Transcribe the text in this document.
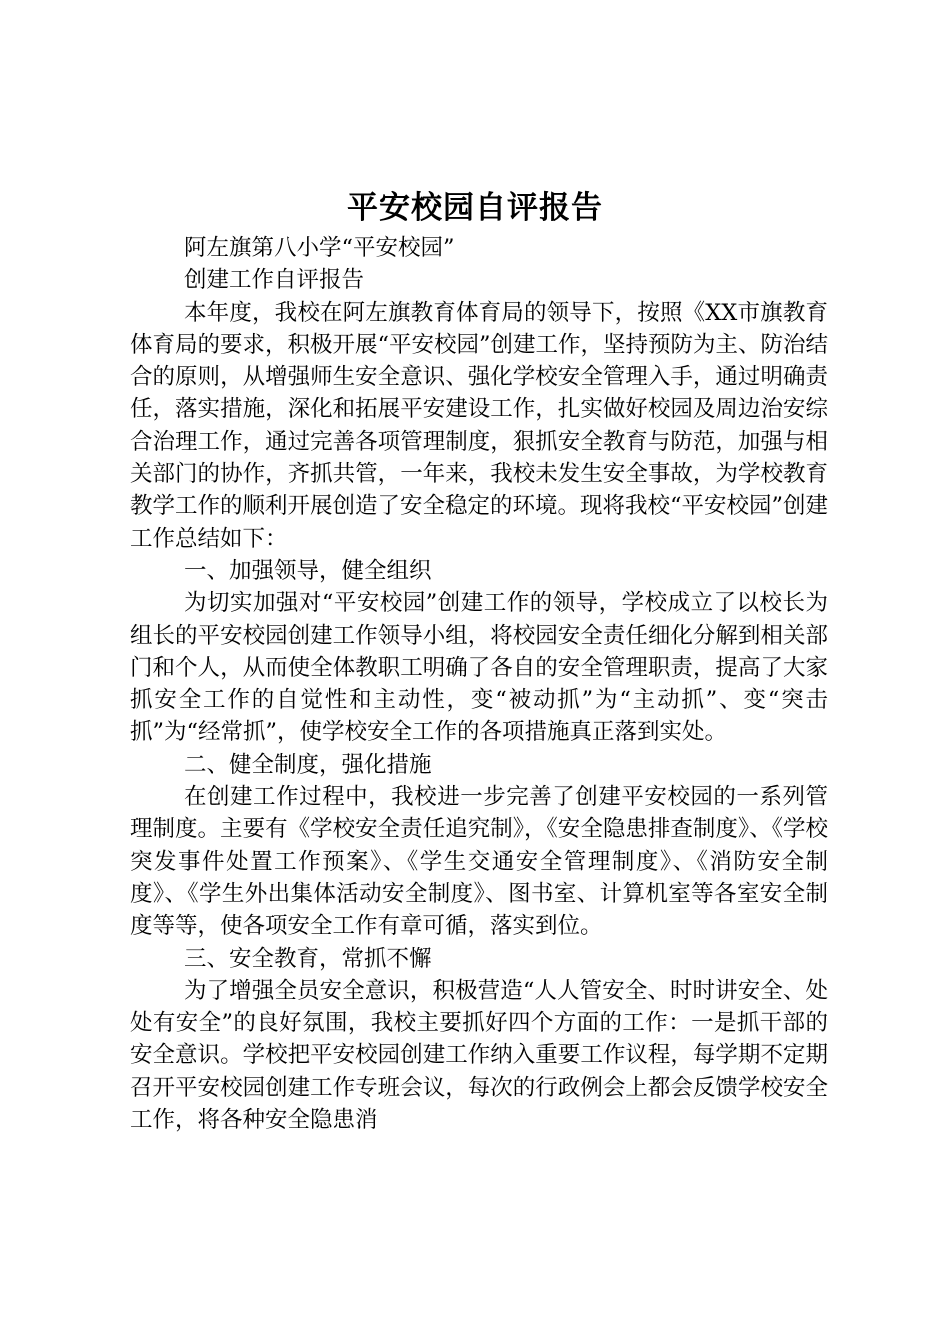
平安校园自评报告

阿左旗第八小学“平安校园”

创建工作自评报告

本年度，我校在阿左旗教育体育局的领导下，按照《XX市旗教育体育局的要求，积极开展“平安校园”创建工作，坚持预防为主、防治结合的原则，从增强师生安全意识、强化学校安全管理入手，通过明确责任，落实措施，深化和拓展平安建设工作，扎实做好校园及周边治安综合治理工作，通过完善各项管理制度，狠抓安全教育与防范，加强与相关部门的协作，齐抓共管，一年来，我校未发生安全事故，为学校教育教学工作的顺利开展创造了安全稳定的环境。现将我校“平安校园”创建工作总结如下：

一、加强领导，健全组织

为切实加强对“平安校园”创建工作的领导，学校成立了以校长为组长的平安校园创建工作领导小组，将校园安全责任细化分解到相关部门和个人，从而使全体教职工明确了各自的安全管理职责，提高了大家抓安全工作的自觉性和主动性，变“被动抓”为“主动抓”、变“突击抓”为“经常抓”，使学校安全工作的各项措施真正落到实处。

二、健全制度，强化措施

在创建工作过程中，我校进一步完善了创建平安校园的一系列管理制度。主要有《学校安全责任追究制》，《安全隐患排查制度》、《学校突发事件处置工作预案》、《学生交通安全管理制度》、《消防安全制度》、《学生外出集体活动安全制度》、图书室、计算机室等各室安全制度等等，使各项安全工作有章可循，落实到位。

三、安全教育，常抓不懈

为了增强全员安全意识，积极营造“人人管安全、时时讲安全、处处有安全”的良好氛围，我校主要抓好四个方面的工作：一是抓干部的安全意识。学校把平安校园创建工作纳入重要工作议程，每学期不定期召开平安校园创建工作专班会议，每次的行政例会上都会反馈学校安全工作，将各种安全隐患消
